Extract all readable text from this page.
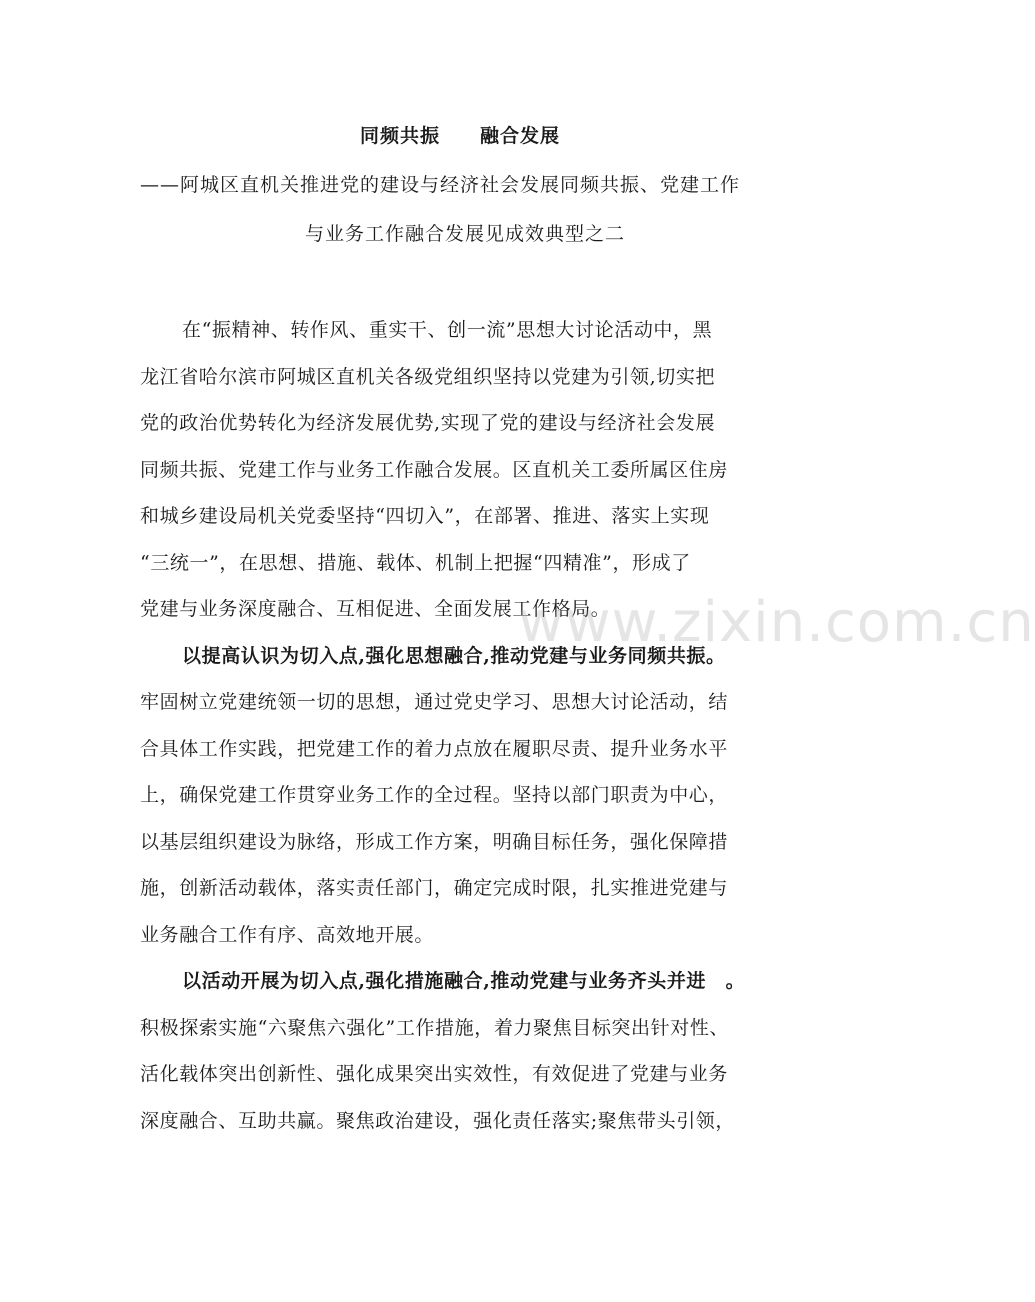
同频共振　　融合发展
——阿城区直机关推进党的建设与经济社会发展同频共振、党建工作
与业务工作融合发展见成效典型之二
在“振精神、转作风、重实干、创一流”思想大讨论活动中，黑
龙江省哈尔滨市阿城区直机关各级党组织坚持以党建为引领,切实把
党的政治优势转化为经济发展优势,实现了党的建设与经济社会发展
同频共振、党建工作与业务工作融合发展。区直机关工委所属区住房
和城乡建设局机关党委坚持“四切入”，在部署、推进、落实上实现
“三统一”，在思想、措施、载体、机制上把握“四精准”，形成了
党建与业务深度融合、互相促进、全面发展工作格局。
以提高认识为切入点,强化思想融合,推动党建与业务同频共振。
牢固树立党建统领一切的思想，通过党史学习、思想大讨论活动，结
合具体工作实践，把党建工作的着力点放在履职尽责、提升业务水平
上，确保党建工作贯穿业务工作的全过程。坚持以部门职责为中心，
以基层组织建设为脉络，形成工作方案，明确目标任务，强化保障措
施，创新活动载体，落实责任部门，确定完成时限，扎实推进党建与
业务融合工作有序、高效地开展。
以活动开展为切入点,强化措施融合,推动党建与业务齐头并进　。
积极探索实施“六聚焦六强化”工作措施，着力聚焦目标突出针对性、
活化载体突出创新性、强化成果突出实效性，有效促进了党建与业务
深度融合、互助共赢。聚焦政治建设，强化责任落实;聚焦带头引领，
www.zixin.com.cn
